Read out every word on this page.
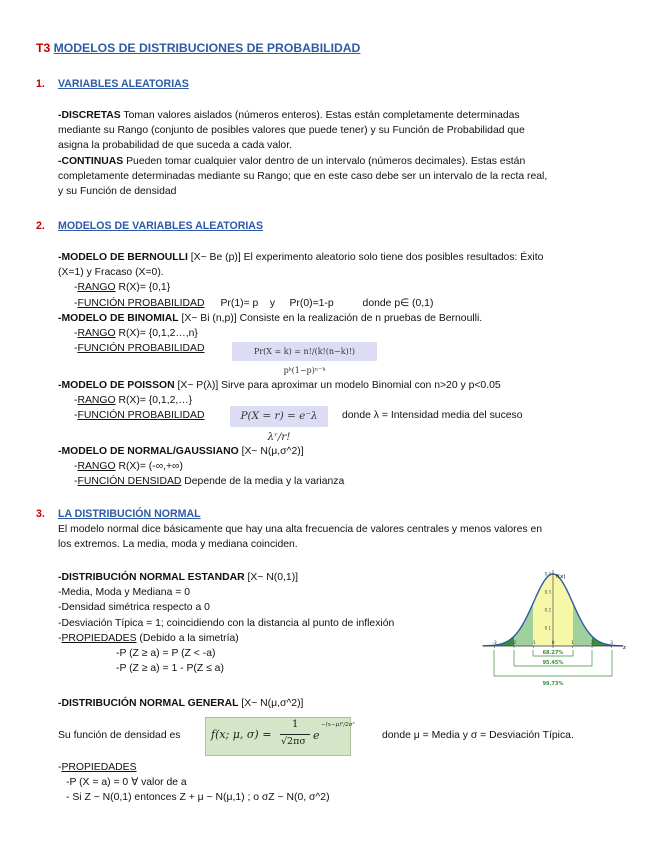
T3 MODELOS DE DISTRIBUCIONES DE PROBABILIDAD
1. VARIABLES ALEATORIAS
-DISCRETAS Toman valores aislados (números enteros). Estas están completamente determinadas
mediante su Rango (conjunto de posibles valores que puede tener) y su Función de Probabilidad que
asigna la probabilidad de que suceda a cada valor.
-CONTINUAS Pueden tomar cualquier valor dentro de un intervalo (números decimales). Estas están
completamente determinadas mediante su Rango; que en este caso debe ser un intervalo de la recta real,
y su Función de densidad
2. MODELOS DE VARIABLES ALEATORIAS
-MODELO DE BERNOULLI [X~ Be (p)] El experimento aleatorio solo tiene dos posibles resultados: Éxito
(X=1) y Fracaso (X=0).
-RANGO R(X)= {0,1}
-FUNCIÓN PROBABILIDAD Pr(1)= p    y     Pr(0)=1-p          donde p∈ (0,1)
-MODELO DE BINOMIAL [X~ Bi (n,p)] Consiste en la realización de n pruebas de Bernoulli.
-RANGO R(X)= {0,1,2…,n}
-FUNCIÓN PROBABILIDAD	Pr(X = k) = n!/(k!(n−k)!) pᵏ(1−p)ⁿ⁻ᵏ
-MODELO DE POISSON [X~ P(λ)] Sirve para aproximar un modelo Binomial con n>20 y p<0.05
-RANGO R(X)= {0,1,2,…}
-FUNCIÓN PROBABILIDAD	P(X = r) = e⁻λ λʳ/r!
donde λ = Intensidad media del suceso
-MODELO DE NORMAL/GAUSSIANO [X~ N(μ,σ^2)]
-RANGO R(X)= (-∞,+∞)
-FUNCIÓN DENSIDAD Depende de la media y la varianza
3. LA DISTRIBUCIÓN NORMAL
El modelo normal dice básicamente que hay una alta frecuencia de valores centrales y menos valores en
los extremos. La media, moda y mediana coinciden.
-DISTRIBUCIÓN NORMAL ESTANDAR [X~ N(0,1)]
-Media, Moda y Mediana = 0
-Densidad simétrica respecto a 0
-Desviación Típica = 1; coincidiendo con la distancia al punto de inflexión
-PROPIEDADES (Debido a la simetría)
-P (Z ≥ a) = P (Z < -a)
-P (Z ≥ a) = 1 - P(Z ≤ a)
f(x)
z
-3	-2	-1	0	1	2	3
0.1
0.2
0.3
0.4
68.27%
95.45%
99.73%
-DISTRIBUCIÓN NORMAL GENERAL [X~ N(μ,σ^2)]
Su función de densidad es	f(x; μ, σ) =
1
√2πσ e
−(x−μ)²/2σ²
donde μ = Media y σ = Desviación Típica.
-PROPIEDADES
-P (X = a) = 0 ∀ valor de a
- Si Z ~ N(0,1) entonces Z + μ ~ N(μ,1) ; o σZ ~ N(0, σ^2)
